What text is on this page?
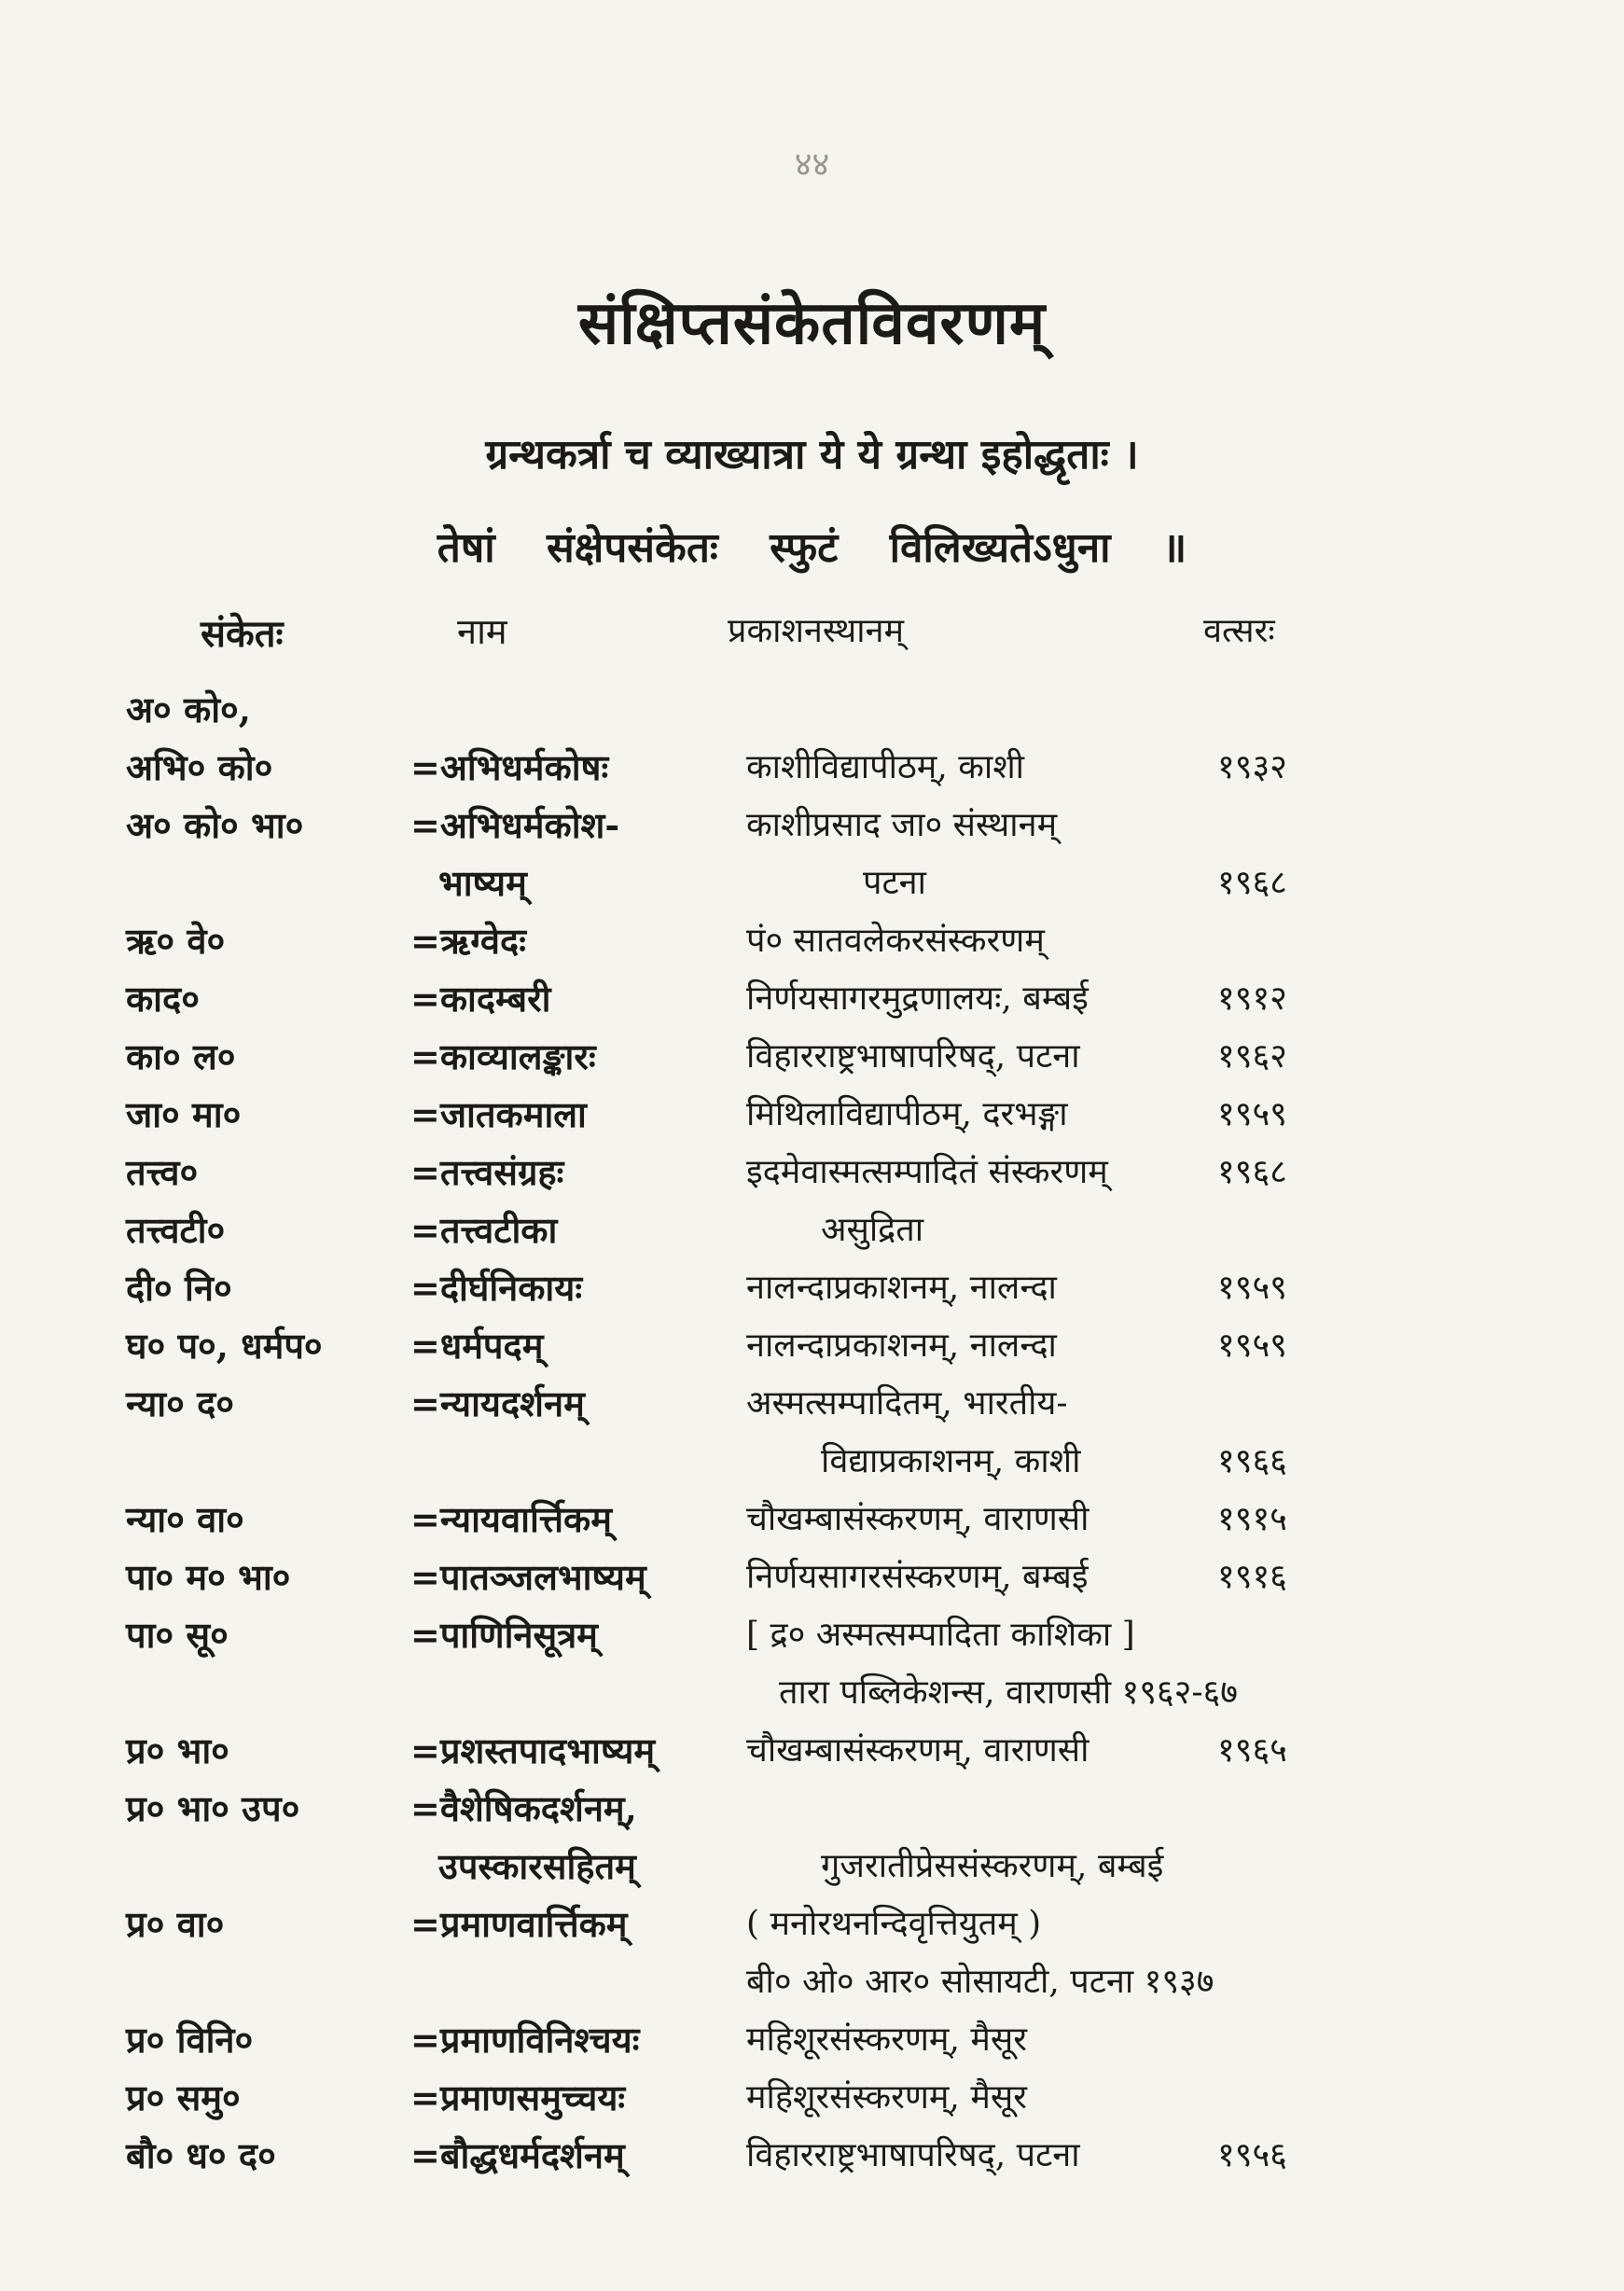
४४
संक्षिप्तसंकेतविवरणम्
ग्रन्थकर्त्रा च व्याख्यात्रा ये ये ग्रन्था इहोद्धृताः ।
तेषां संक्षेपसंकेतः स्फुटं विलिख्यतेऽधुना ॥
संकेतः	नाम	प्रकाशनस्थानम्	वत्सरः
अ० को०,
अभि० को०	=अभिधर्मकोषः	काशीविद्यापीठम्, काशी	१९३२
अ० को० भा०	=अभिधर्मकोश-	काशीप्रसाद जा० संस्थानम्
भाष्यम्	पटना	१९६८
ऋ० वे०	=ऋग्वेदः	पं० सातवलेकरसंस्करणम्
काद०	=कादम्बरी	निर्णयसागरमुद्रणालयः, बम्बई	१९१२
का० ल०	=काव्यालङ्कारः	विहारराष्ट्रभाषापरिषद्, पटना	१९६२
जा० मा०	=जातकमाला	मिथिलाविद्यापीठम्, दरभङ्गा	१९५९
तत्त्व०	=तत्त्वसंग्रहः	इदमेवास्मत्सम्पादितं संस्करणम्	१९६८
तत्त्वटी०	=तत्त्वटीका	असुद्रिता
दी० नि०	=दीर्घनिकायः	नालन्दाप्रकाशनम्, नालन्दा	१९५९
घ० प०, धर्मप० =धर्मपदम्	नालन्दाप्रकाशनम्, नालन्दा	१९५९
न्या० द०	=न्यायदर्शनम्	अस्मत्सम्पादितम्, भारतीय-
विद्याप्रकाशनम्, काशी	१९६६
न्या० वा०	=न्यायवार्त्तिकम्	चौखम्बासंस्करणम्, वाराणसी	१९१५
पा० म० भा०	=पातञ्जलभाष्यम्	निर्णयसागरसंस्करणम्, बम्बई	१९१६
पा० सू०	=पाणिनिसूत्रम्	[ द्र० अस्मत्सम्पादिता काशिका ]
तारा पब्लिकेशन्स, वाराणसी १९६२-६७
प्र० भा०	=प्रशस्तपादभाष्यम्	चौखम्बासंस्करणम्, वाराणसी	१९६५
प्र० भा० उप०	=वैशेषिकदर्शनम्,
उपस्कारसहितम्	गुजरातीप्रेससंस्करणम्, बम्बई
प्र० वा०	=प्रमाणवार्त्तिकम्	( मनोरथनन्दिवृत्तियुतम् )
बी० ओ० आर० सोसायटी, पटना १९३७
प्र० विनि०	=प्रमाणविनिश्चयः	महिशूरसंस्करणम्, मैसूर
प्र० समु०	=प्रमाणसमुच्चयः	महिशूरसंस्करणम्, मैसूर
बौ० ध० द०	=बौद्धधर्मदर्शनम्	विहारराष्ट्रभाषापरिषद्, पटना	१९५६
